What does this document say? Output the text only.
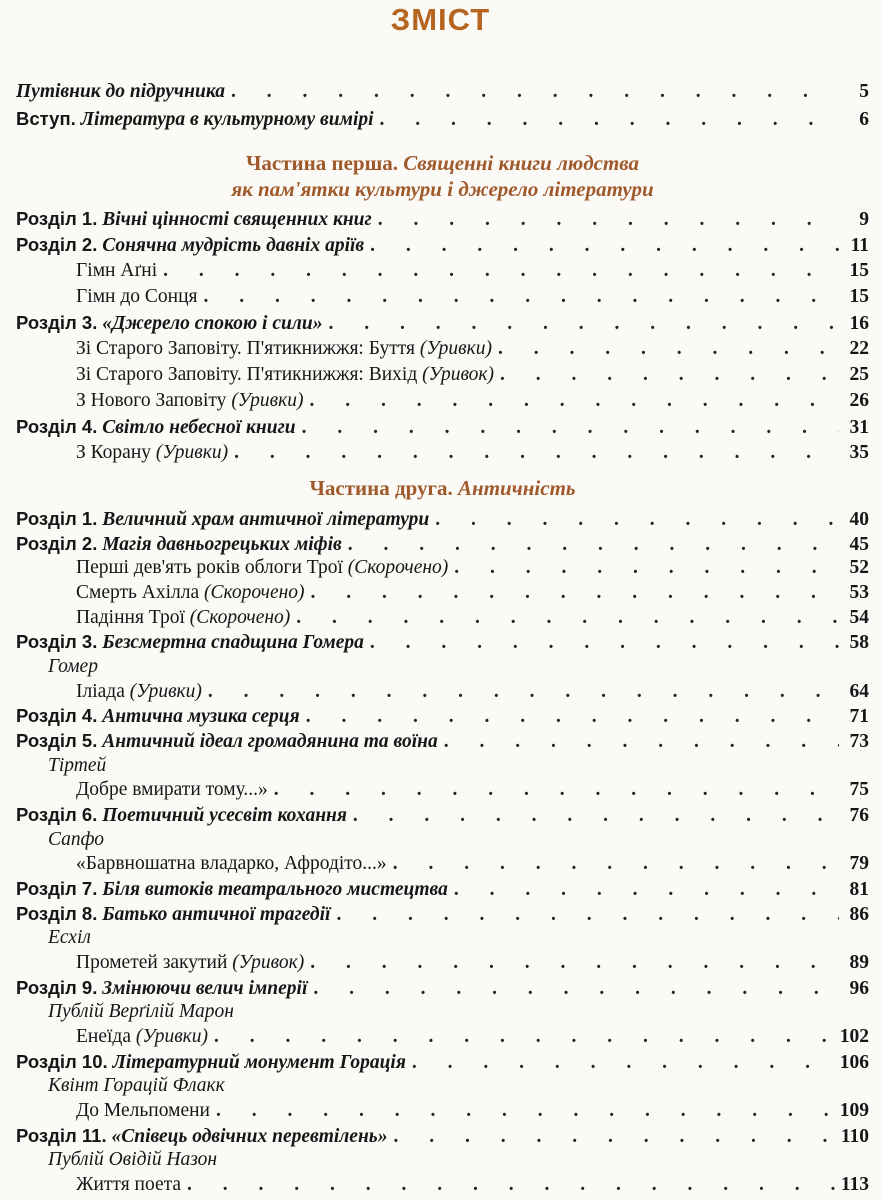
ЗМІСТ
Путівник до підручника . . .	5
Вступ. Література в культурному вимірі . . .	6
Частина перша. Священні книги людства
як пам'ятки культури і джерело літератури
Розділ 1. Вічні цінності священних книг . . .	9
Розділ 2. Сонячна мудрість давніх аріїв . . .	11
Гімн Аґні . . .	15
Гімн до Сонця . . .	15
Розділ 3. «Джерело спокою і сили» . . .	16
Зі Старого Заповіту. П'ятикнижжя: Буття (Уривки) . . .	22
Зі Старого Заповіту. П'ятикнижжя: Вихід (Уривок) . . .	25
З Нового Заповіту (Уривки) . . .	26
Розділ 4. Світло небесної книги . . .	31
З Корану (Уривки) . . .	35
Частина друга. Античність
Розділ 1. Величний храм античної літератури . . .	40
Розділ 2. Магія давньогрецьких міфів . . .	45
Перші дев'ять років облоги Трої (Скорочено) . . .	52
Смерть Ахілла (Скорочено) . . .	53
Падіння Трої (Скорочено) . . .	54
Розділ 3. Безсмертна спадщина Гомера . . .	58
Гомер
Іліада (Уривки) . . .	64
Розділ 4. Антична музика серця . . .	71
Розділ 5. Античний ідеал громадянина та воїна . . .	73
Тіртей
Добре вмирати тому...» . . .	75
Розділ 6. Поетичний усесвіт кохання . . .	76
Сапфо
«Барвношатна владарко, Афродіто...» . . .	79
Розділ 7. Біля витоків театрального мистецтва . . .	81
Розділ 8. Батько античної трагедії . . .	86
Есхіл
Прометей закутий (Уривок) . . .	89
Розділ 9. Змінюючи велич імперії . . .	96
Публій Верґілій Марон
Енеїда (Уривки) . . .	102
Розділ 10. Літературний монумент Горація . . .	106
Квінт Горацій Флакк
До Мельпомени . . .	109
Розділ 11. «Співець одвічних перевтілень» . . .	110
Публій Овідій Назон
Життя поета . . .	113
